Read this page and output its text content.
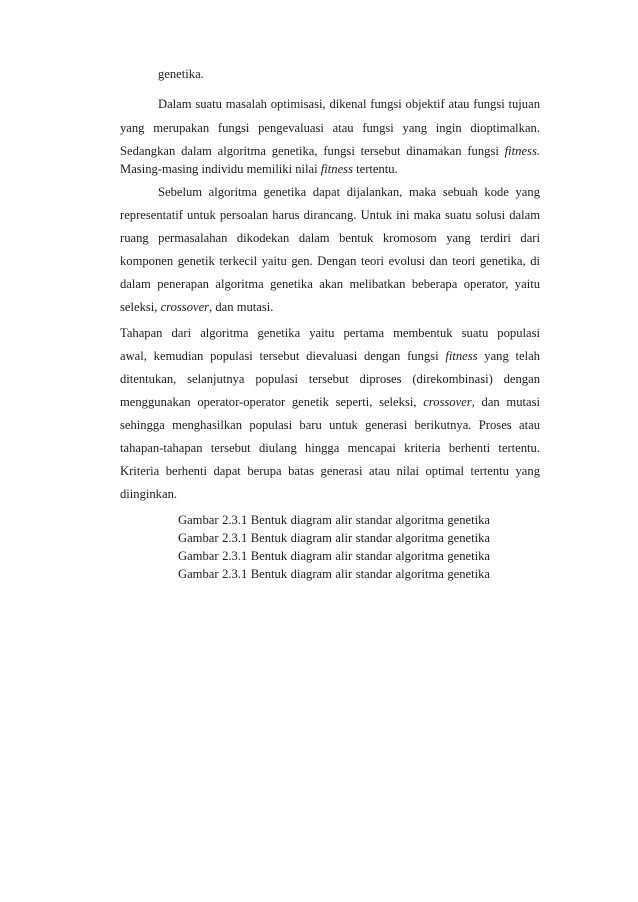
genetika.
Dalam suatu masalah optimisasi, dikenal fungsi objektif atau fungsi tujuan
yang merupakan fungsi pengevaluasi atau fungsi yang ingin dioptimalkan.
Sedangkan dalam algoritma genetika, fungsi tersebut dinamakan fungsi fitness.
Masing-masing individu memiliki nilai fitness tertentu.
Sebelum algoritma genetika dapat dijalankan, maka sebuah kode yang
representatif untuk persoalan harus dirancang. Untuk ini maka suatu solusi dalam
ruang permasalahan dikodekan dalam bentuk kromosom yang terdiri dari
komponen genetik terkecil yaitu gen. Dengan teori evolusi dan teori genetika, di
dalam penerapan algoritma genetika akan melibatkan beberapa operator, yaitu
seleksi, crossover, dan mutasi.
Tahapan dari algoritma genetika yaitu pertama membentuk suatu populasi
awal, kemudian populasi tersebut dievaluasi dengan fungsi fitness yang telah
ditentukan, selanjutnya populasi tersebut diproses (direkombinasi) dengan
menggunakan operator-operator genetik seperti, seleksi, crossover, dan mutasi
sehingga menghasilkan populasi baru untuk generasi berikutnya. Proses atau
tahapan-tahapan tersebut diulang hingga mencapai kriteria berhenti tertentu.
Kriteria berhenti dapat berupa batas generasi atau nilai optimal tertentu yang
diinginkan.
Gambar 2.3.1 Bentuk diagram alir standar algoritma genetika
Gambar 2.3.1 Bentuk diagram alir standar algoritma genetika
Gambar 2.3.1 Bentuk diagram alir standar algoritma genetika
Gambar 2.3.1 Bentuk diagram alir standar algoritma genetika
